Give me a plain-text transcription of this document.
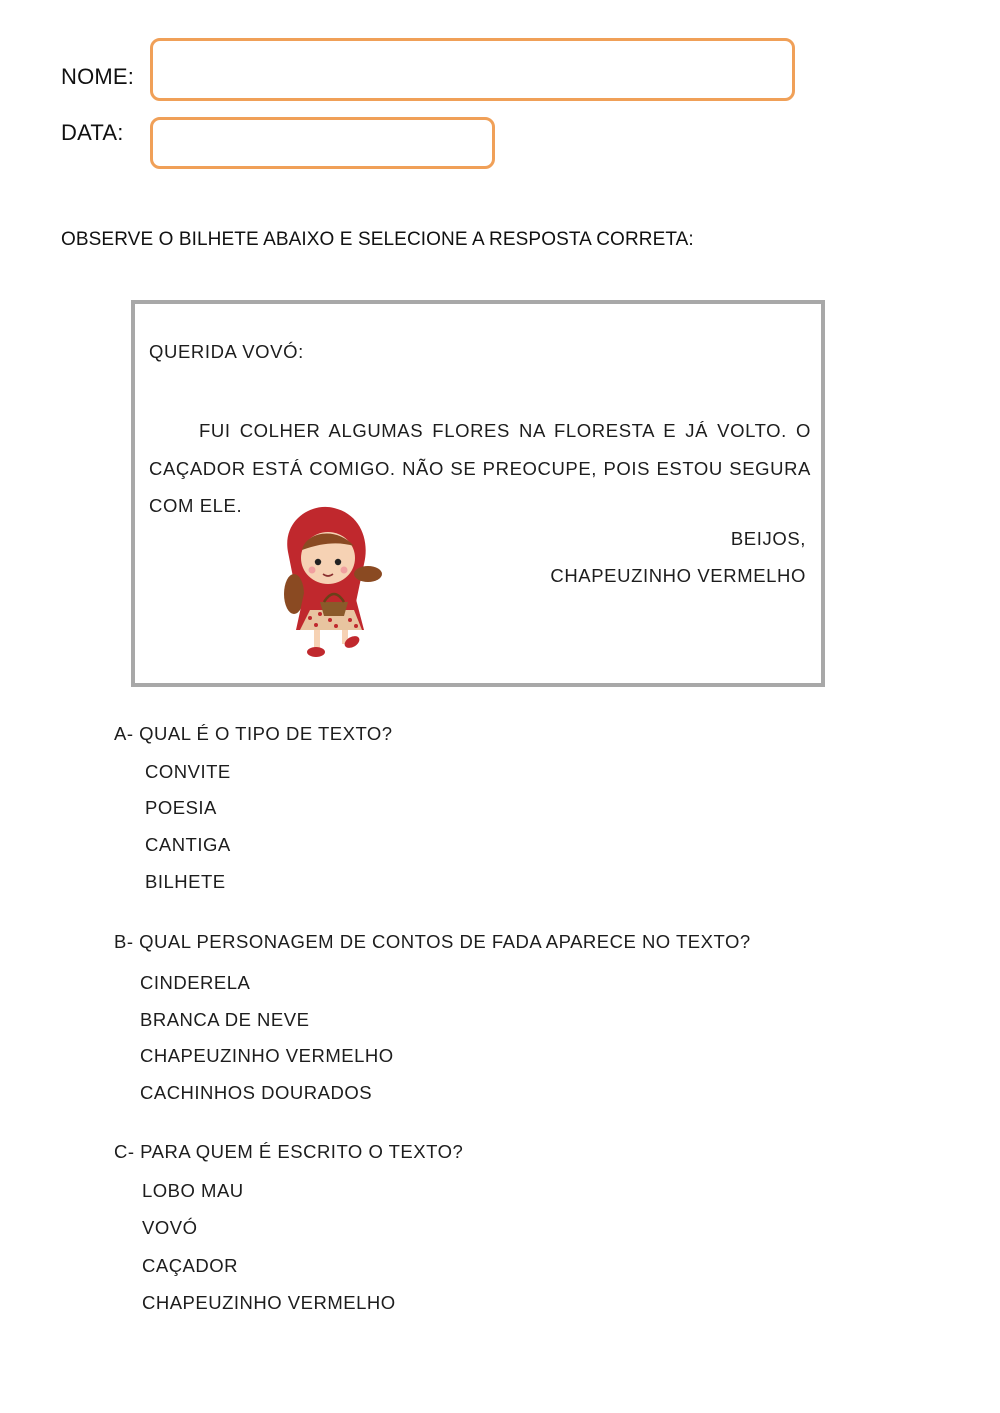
NOME:
DATA:
OBSERVE O BILHETE ABAIXO E SELECIONE A RESPOSTA CORRETA:
QUERIDA VOVÓ:
FUI COLHER ALGUMAS FLORES NA FLORESTA E JÁ VOLTO. O CAÇADOR ESTÁ COMIGO. NÃO SE PREOCUPE, POIS ESTOU SEGURA COM ELE.
BEIJOS,
CHAPEUZINHO VERMELHO
A- QUAL É O TIPO DE TEXTO?
CONVITE
POESIA
CANTIGA
BILHETE
B- QUAL PERSONAGEM DE CONTOS DE FADA APARECE NO TEXTO?
CINDERELA
BRANCA DE NEVE
CHAPEUZINHO VERMELHO
CACHINHOS DOURADOS
C- PARA QUEM É ESCRITO O TEXTO?
LOBO MAU
VOVÓ
CAÇADOR
CHAPEUZINHO VERMELHO
